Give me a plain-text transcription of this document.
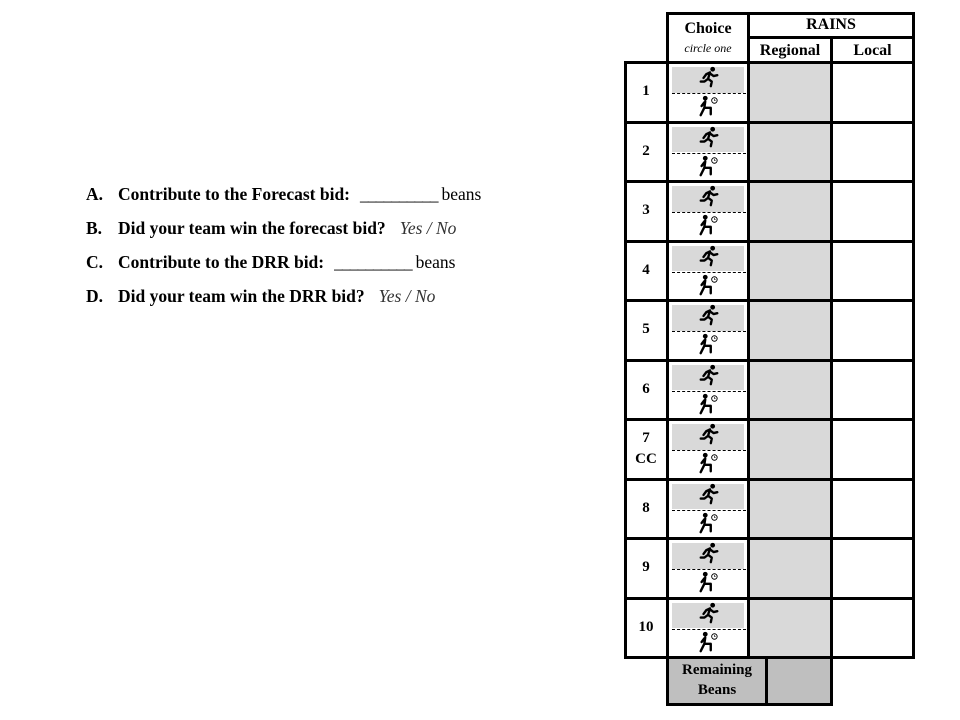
A. Contribute to the Forecast bid: __________ beans
B. Did your team win the forecast bid? Yes / No
C. Contribute to the DRR bid: __________ beans
D. Did your team win the DRR bid? Yes / No
Choice
circle one
RAINS
Regional	Local
1
2
3
4
5
6
7
CC
8
9
10
Remaining Beans
